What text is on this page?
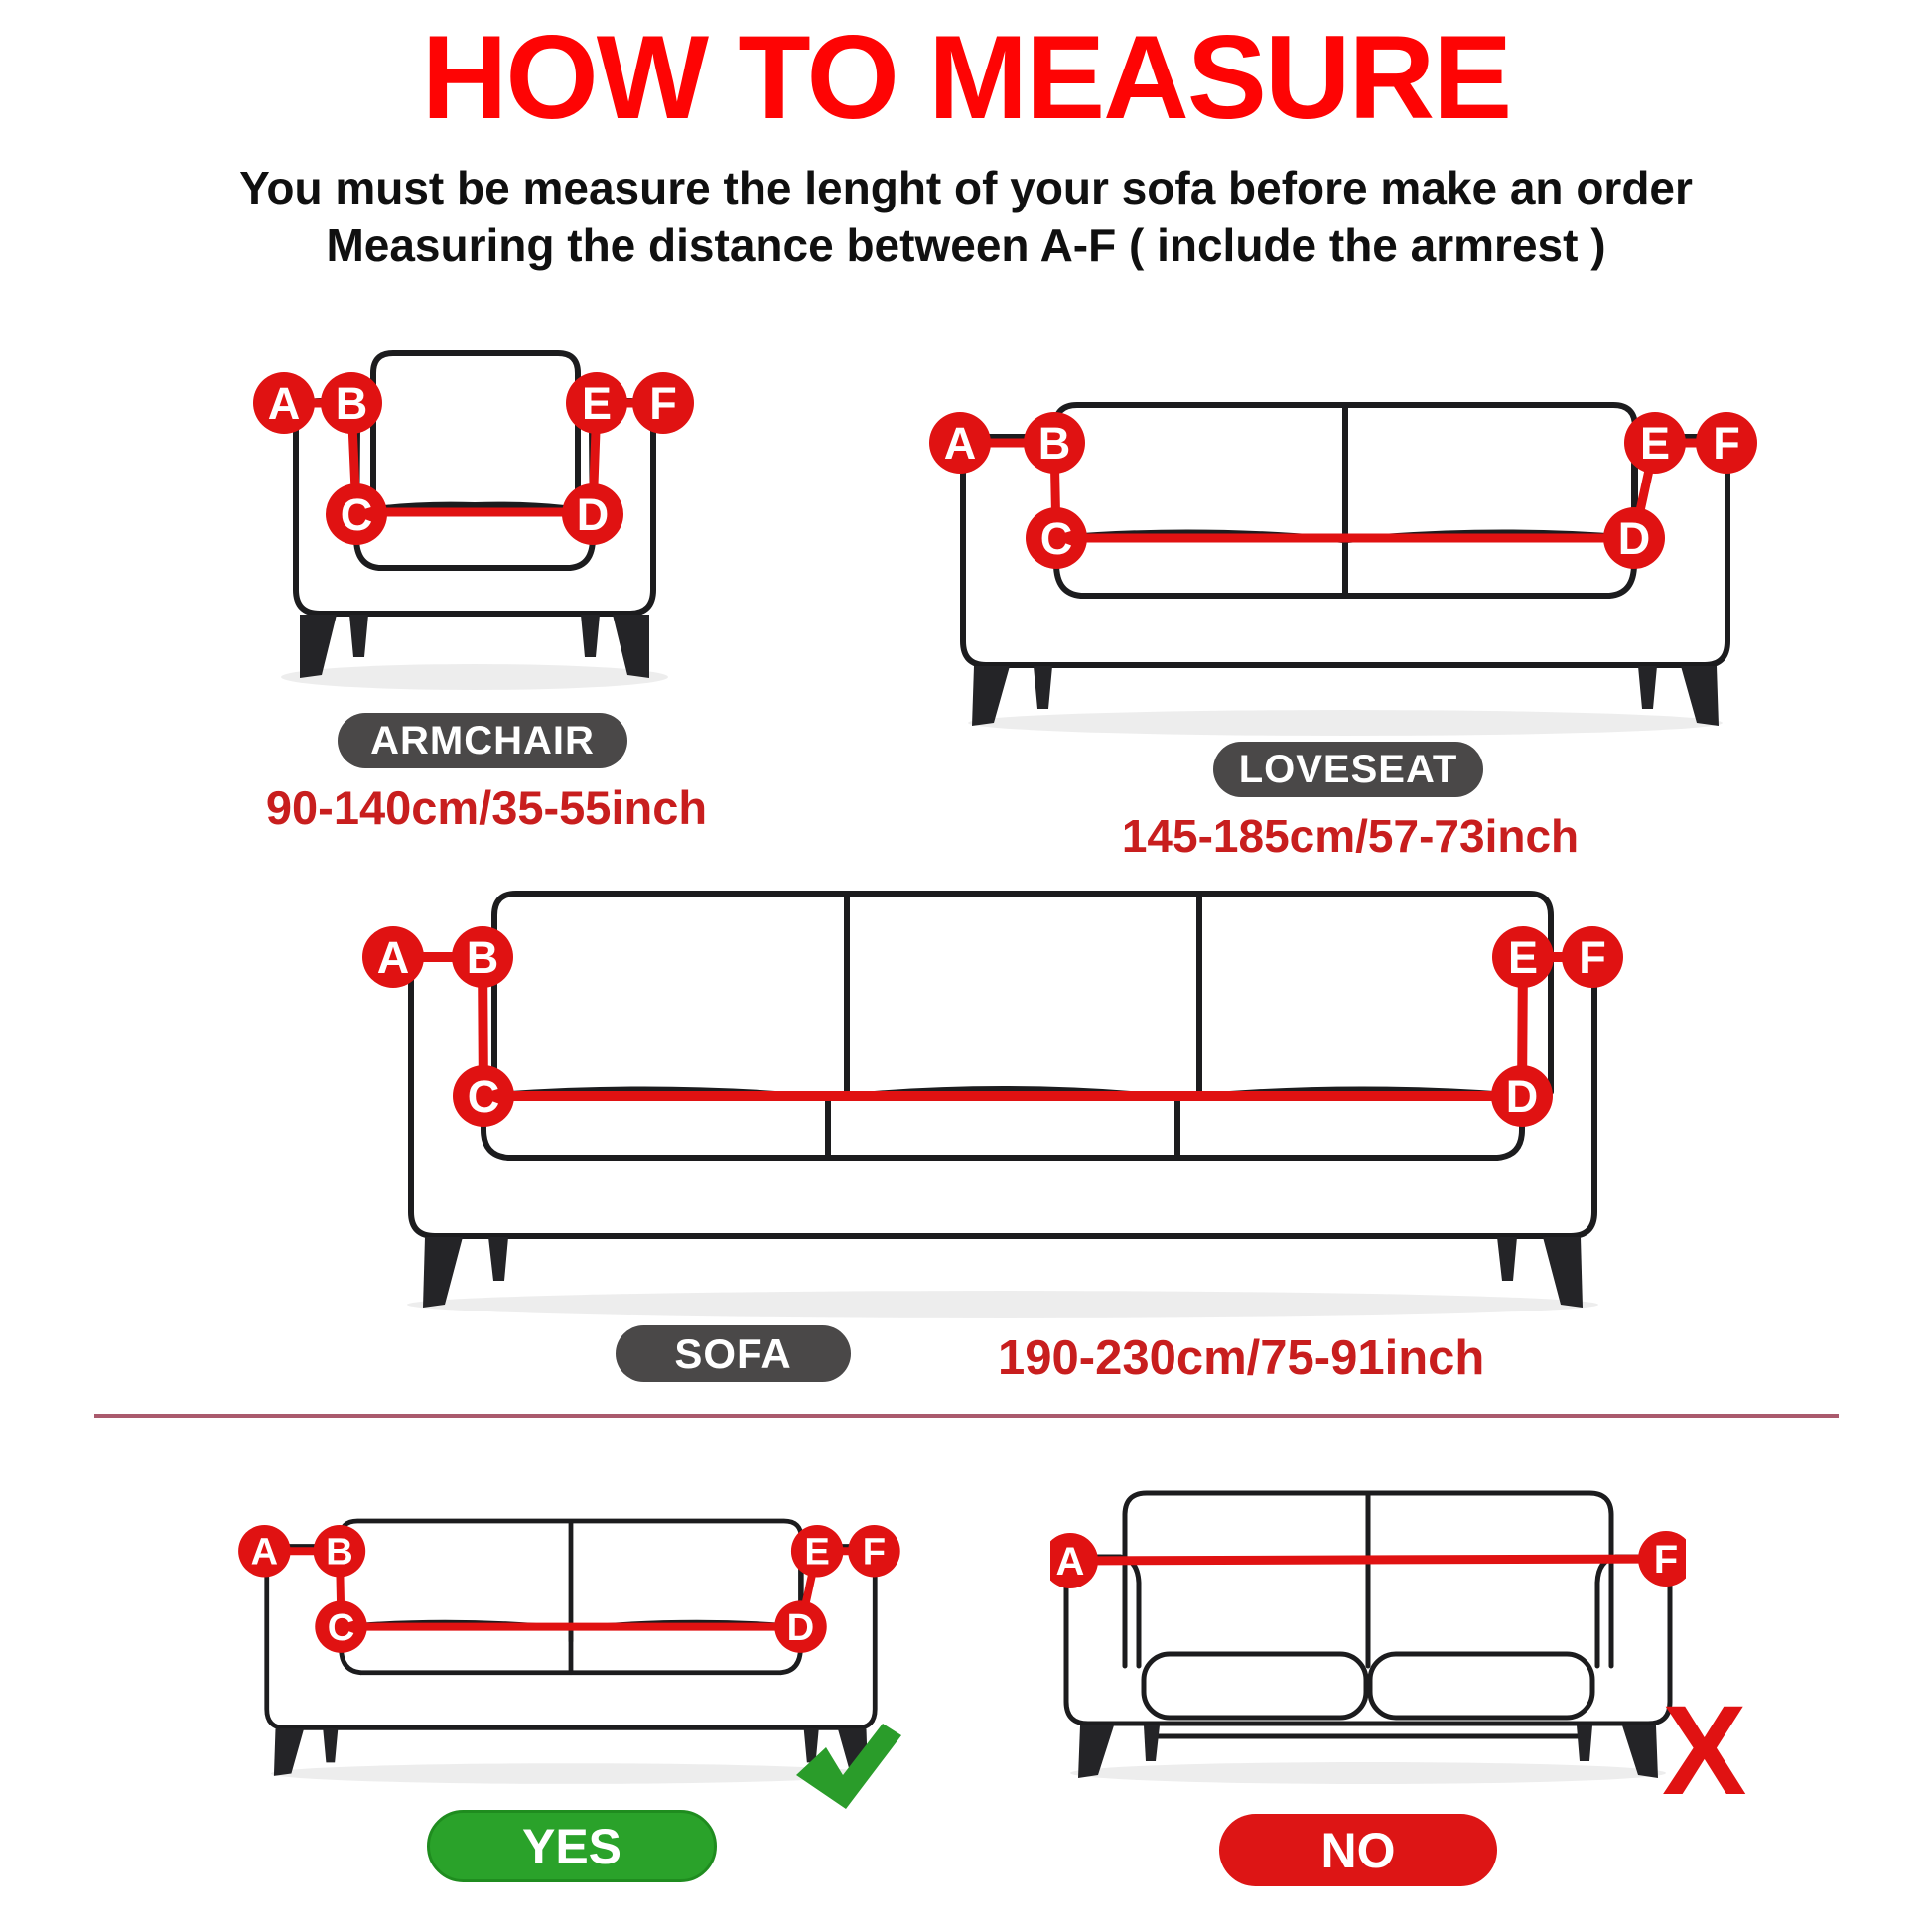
HOW TO MEASURE
You must be measure the lenght of your sofa before make an order
Measuring the distance between A-F ( include the armrest )
A B
C	D
E F
ARMCHAIR
90-140cm/35-55inch
A B
C	D
E F
LOVESEAT
145-185cm/57-73inch
A B
C	D
E F
SOFA	190-230cm/75-91inch
A B
C	D
E F
YES
A	F
X
NO
